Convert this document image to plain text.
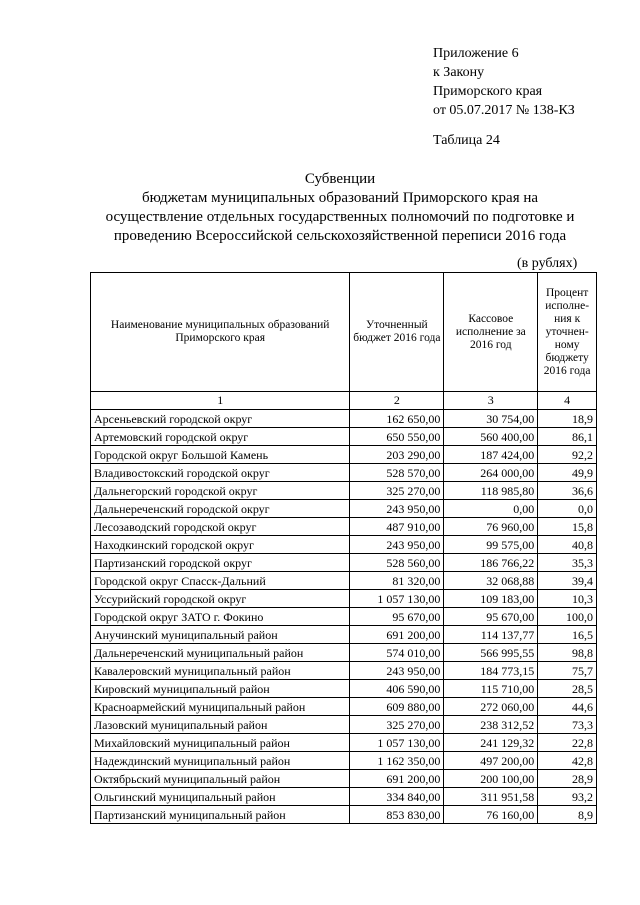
Приложение 6
к Закону
Приморского края
от 05.07.2017 № 138-КЗ
Таблица 24
Субвенции
бюджетам муниципальных образований Приморского края на
осуществление отдельных государственных полномочий по подготовке и
проведению Всероссийской сельскохозяйственной переписи 2016 года
(в рублях)
Наименование муниципальных образований Приморского края	Уточненный бюджет 2016 года	Кассовое исполнение за 2016 год	Процент исполне-ния к уточнен-ному бюджету 2016 года
1	2	3	4
Арсеньевский городской округ	162 650,00	30 754,00	18,9
Артемовский городской округ	650 550,00	560 400,00	86,1
Городской округ Большой Камень	203 290,00	187 424,00	92,2
Владивостокский городской округ	528 570,00	264 000,00	49,9
Дальнегорский городской округ	325 270,00	118 985,80	36,6
Дальнереченский городской округ	243 950,00	0,00	0,0
Лесозаводский городской округ	487 910,00	76 960,00	15,8
Находкинский городской округ	243 950,00	99 575,00	40,8
Партизанский городской округ	528 560,00	186 766,22	35,3
Городской округ Спасск-Дальний	81 320,00	32 068,88	39,4
Уссурийский городской округ	1 057 130,00	109 183,00	10,3
Городской округ ЗАТО г. Фокино	95 670,00	95 670,00	100,0
Анучинский муниципальный район	691 200,00	114 137,77	16,5
Дальнереченский муниципальный район	574 010,00	566 995,55	98,8
Кавалеровский муниципальный район	243 950,00	184 773,15	75,7
Кировский муниципальный район	406 590,00	115 710,00	28,5
Красноармейский муниципальный район	609 880,00	272 060,00	44,6
Лазовский муниципальный район	325 270,00	238 312,52	73,3
Михайловский муниципальный район	1 057 130,00	241 129,32	22,8
Надеждинский муниципальный район	1 162 350,00	497 200,00	42,8
Октябрьский муниципальный район	691 200,00	200 100,00	28,9
Ольгинский муниципальный район	334 840,00	311 951,58	93,2
Партизанский муниципальный район	853 830,00	76 160,00	8,9
